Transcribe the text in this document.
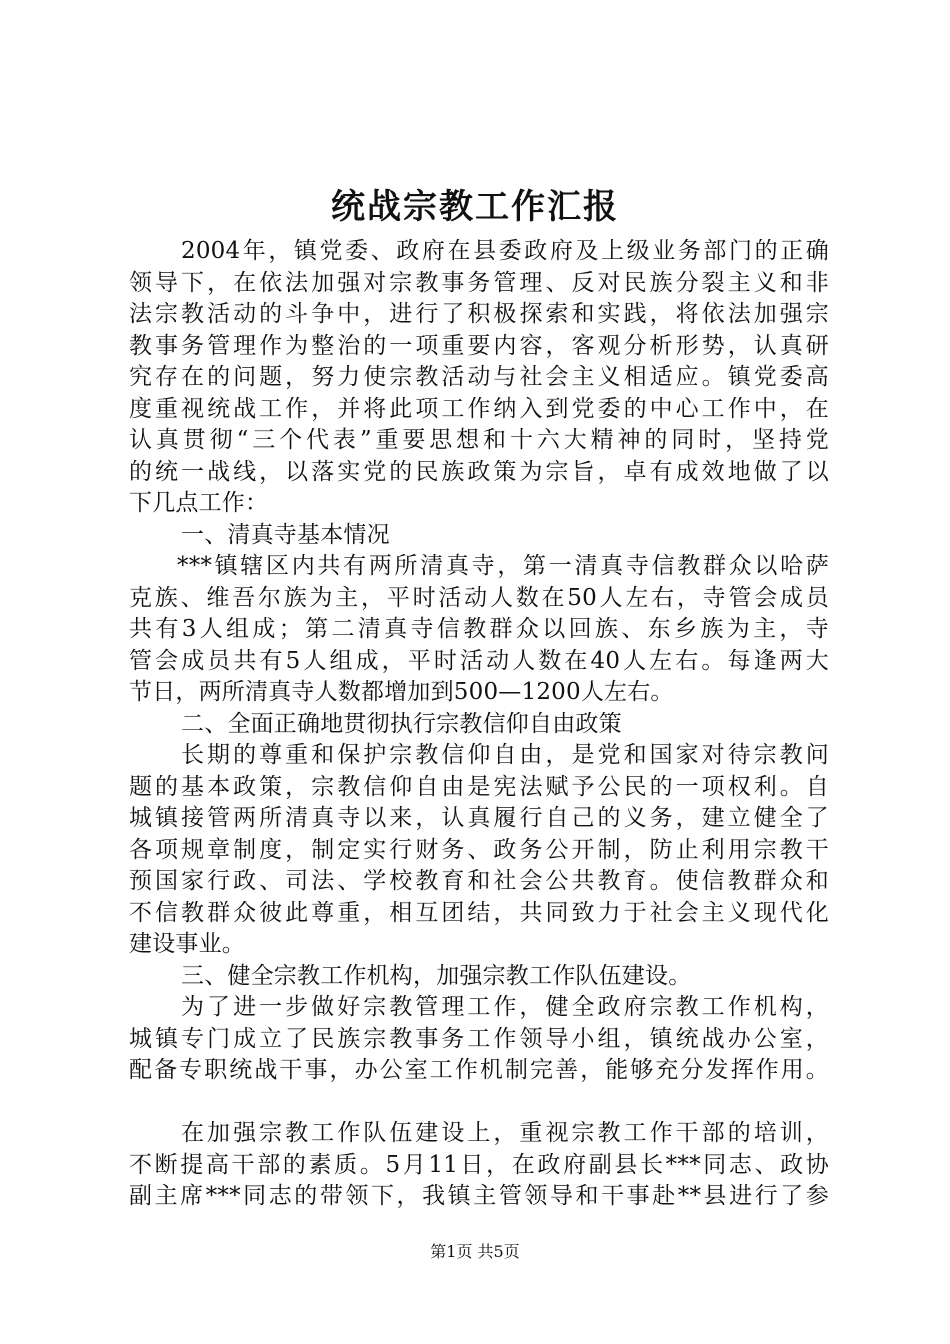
统战宗教工作汇报
2004年，镇党委、政府在县委政府及上级业务部门的正确
领导下，在依法加强对宗教事务管理、反对民族分裂主义和非
法宗教活动的斗争中，进行了积极探索和实践，将依法加强宗
教事务管理作为整治的一项重要内容，客观分析形势，认真研
究存在的问题，努力使宗教活动与社会主义相适应。镇党委高
度重视统战工作，并将此项工作纳入到党委的中心工作中，在
认真贯彻“三个代表”重要思想和十六大精神的同时，坚持党
的统一战线，以落实党的民族政策为宗旨，卓有成效地做了以
下几点工作：
一、清真寺基本情况
***镇辖区内共有两所清真寺，第一清真寺信教群众以哈萨
克族、维吾尔族为主，平时活动人数在50人左右，寺管会成员
共有3人组成；第二清真寺信教群众以回族、东乡族为主，寺
管会成员共有5人组成，平时活动人数在40人左右。每逢两大
节日，两所清真寺人数都增加到500—1200人左右。
二、全面正确地贯彻执行宗教信仰自由政策
长期的尊重和保护宗教信仰自由，是党和国家对待宗教问
题的基本政策，宗教信仰自由是宪法赋予公民的一项权利。自
城镇接管两所清真寺以来，认真履行自己的义务，建立健全了
各项规章制度，制定实行财务、政务公开制，防止利用宗教干
预国家行政、司法、学校教育和社会公共教育。使信教群众和
不信教群众彼此尊重，相互团结，共同致力于社会主义现代化
建设事业。
三、健全宗教工作机构，加强宗教工作队伍建设。
为了进一步做好宗教管理工作，健全政府宗教工作机构，
城镇专门成立了民族宗教事务工作领导小组，镇统战办公室，
配备专职统战干事，办公室工作机制完善，能够充分发挥作用。
在加强宗教工作队伍建设上，重视宗教工作干部的培训，
不断提高干部的素质。5月11日，在政府副县长***同志、政协
副主席***同志的带领下，我镇主管领导和干事赴**县进行了参
第1页 共5页
